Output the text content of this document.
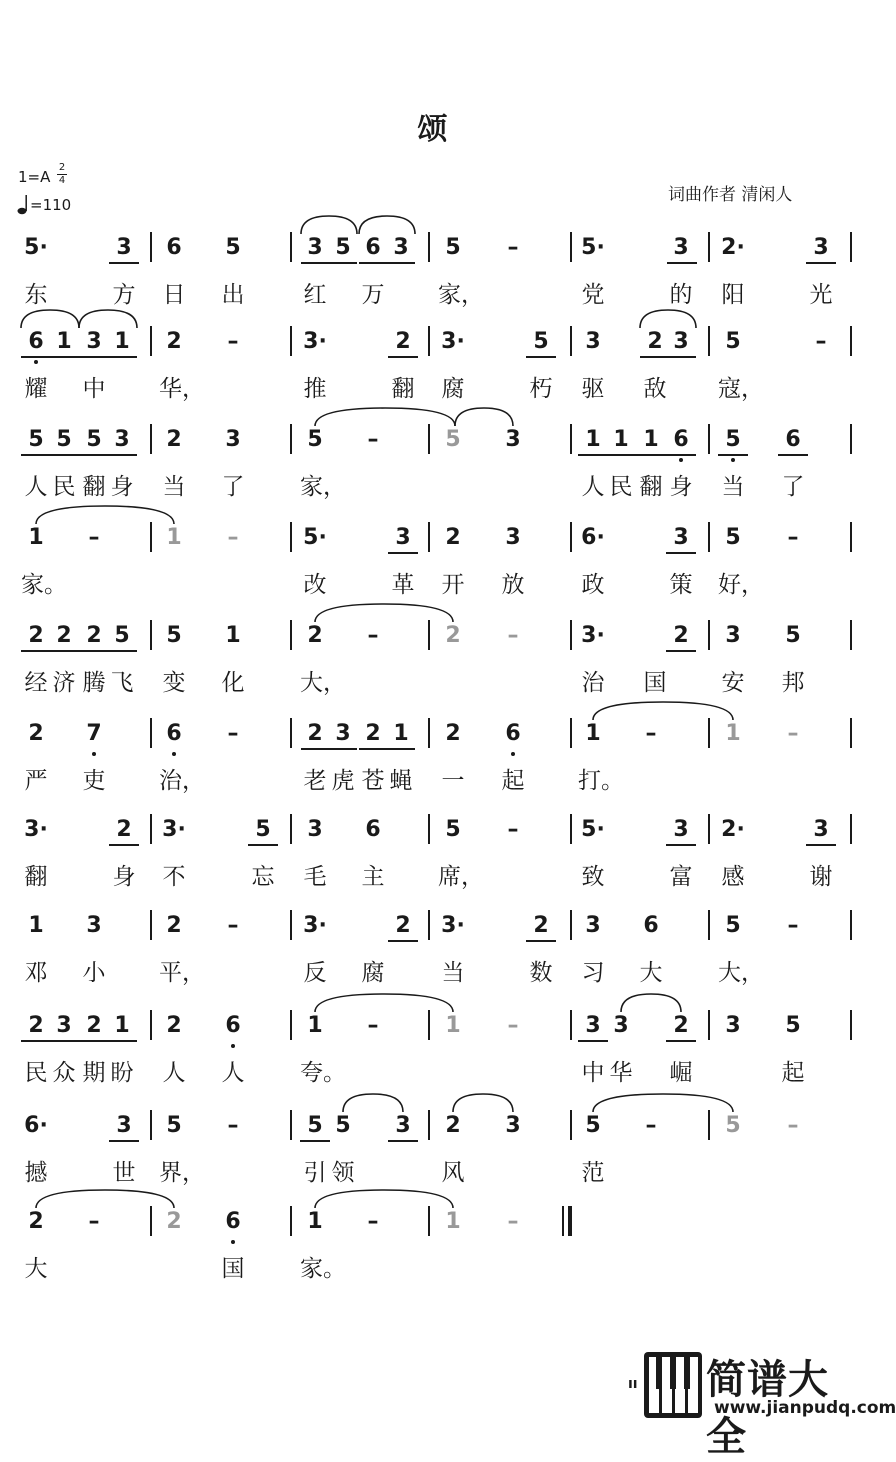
颂
1=A
2
4
=110	词曲作者 清闲人
5·	3	6	5	3 5 6 3	5	–	5·	3	2·	3
东	方 日 出	红 万 家，	党	的 阳	光
6 1 3 1	2	–	3·	2	3·	5	3	2 3	5	–
耀 中 华，	推	翻 腐	朽 驱 敌 寇，
5 5 5 3	2	3	5	–	5	3	1 1 1 6	5	6
人 民 翻 身 当 了 家，	人 民 翻 身 当 了
1	–	1	–	5·	3	2	3	6·	3	5	–
家。	改	革 开 放 政	策 好，
2 2 2 5	5	1	2	–	2	–	3·	2	3	5
经 济 腾 飞 变 化 大，	治 国 安 邦
2	7	6	–	2 3 2 1	2	6	1	–	1	–
严 吏 治，	老 虎 苍 蝇 一 起 打。
3·	2	3·	5	3	6	5	–	5·	3	2·	3
翻	身 不	忘 毛 主 席，	致	富 感	谢
1	3	2	–	3·	2	3·	2	3	6	5	–
邓 小 平，	反 腐 当	数 习 大 大，
2 3 2 1	2	6	1	–	1	–	3 3	2	3	5
民 众 期 盼 人 人 夸。	中 华 崛	起
6·	3	5	–	5 5	3	2	3	5	–	5	–
撼	世 界，	引 领	风	范
2	–	2	6	1	–	1	–
大	国 家。
ıı 简谱大全
www.jianpudq.com
